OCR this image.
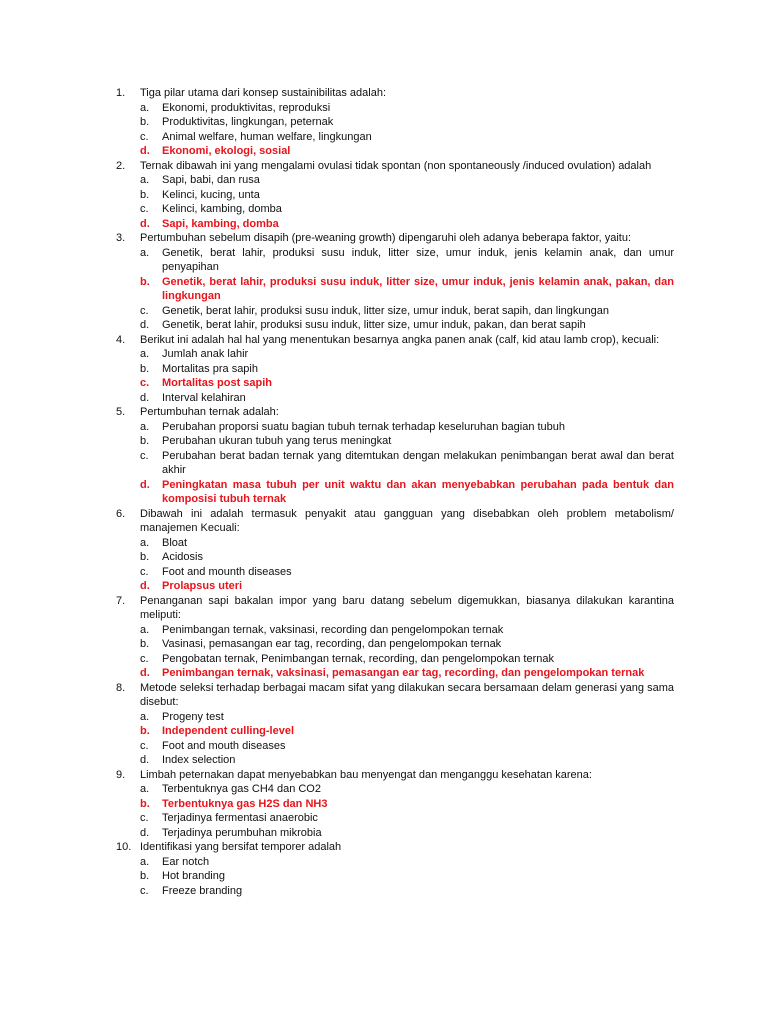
1.	Tiga pilar utama dari konsep sustainibilitas adalah:
a.	Ekonomi, produktivitas, reproduksi
b.	Produktivitas, lingkungan, peternak
c.	Animal welfare, human welfare, lingkungan
d.	Ekonomi, ekologi, sosial
2.	Ternak dibawah ini yang mengalami ovulasi tidak spontan (non spontaneously /induced ovulation) adalah
a.	Sapi, babi, dan rusa
b.	Kelinci, kucing, unta
c.	Kelinci, kambing, domba
d.	Sapi, kambing, domba
3.	Pertumbuhan sebelum disapih (pre-weaning growth) dipengaruhi oleh adanya beberapa faktor, yaitu:
a.	Genetik, berat lahir, produksi susu induk, litter size, umur induk, jenis kelamin anak, dan umur penyapihan
b.	Genetik, berat lahir, produksi susu induk, litter size, umur induk, jenis kelamin anak, pakan, dan lingkungan
c.	Genetik, berat lahir, produksi susu induk, litter size, umur induk, berat sapih, dan lingkungan
d.	Genetik, berat lahir, produksi susu induk, litter size, umur induk, pakan, dan berat sapih
4.	Berikut ini adalah hal hal yang menentukan besarnya angka panen anak (calf, kid atau lamb crop), kecuali:
a.	Jumlah anak lahir
b.	Mortalitas pra sapih
c.	Mortalitas post sapih
d.	Interval kelahiran
5.	Pertumbuhan ternak adalah:
a.	Perubahan proporsi suatu bagian tubuh ternak terhadap keseluruhan bagian tubuh
b.	Perubahan ukuran tubuh yang terus meningkat
c.	Perubahan berat badan ternak yang ditemtukan dengan melakukan penimbangan berat awal dan berat akhir
d.	Peningkatan masa tubuh per unit waktu dan akan menyebabkan perubahan pada bentuk dan komposisi tubuh ternak
6.	Dibawah ini adalah termasuk penyakit atau gangguan yang disebabkan oleh problem metabolism/ manajemen Kecuali:
a.	Bloat
b.	Acidosis
c.	Foot and mounth diseases
d.	Prolapsus uteri
7.	Penanganan sapi bakalan impor yang baru datang sebelum digemukkan, biasanya dilakukan karantina meliputi:
a.	Penimbangan ternak, vaksinasi, recording dan pengelompokan ternak
b.	Vasinasi, pemasangan ear tag, recording, dan pengelompokan ternak
c.	Pengobatan ternak, Penimbangan ternak, recording, dan pengelompokan ternak
d.	Penimbangan ternak, vaksinasi, pemasangan ear tag, recording, dan pengelompokan ternak
8.	Metode seleksi terhadap berbagai macam sifat yang dilakukan secara bersamaan delam generasi yang sama disebut:
a.	Progeny test
b.	Independent culling-level
c.	Foot and mouth diseases
d.	Index selection
9.	Limbah peternakan dapat menyebabkan bau menyengat dan menganggu kesehatan karena:
a.	Terbentuknya gas CH4 dan CO2
b.	Terbentuknya gas H2S dan NH3
c.	Terjadinya fermentasi anaerobic
d.	Terjadinya perumbuhan mikrobia
10. Identifikasi yang bersifat temporer adalah
a.	Ear notch
b.	Hot branding
c.	Freeze branding
